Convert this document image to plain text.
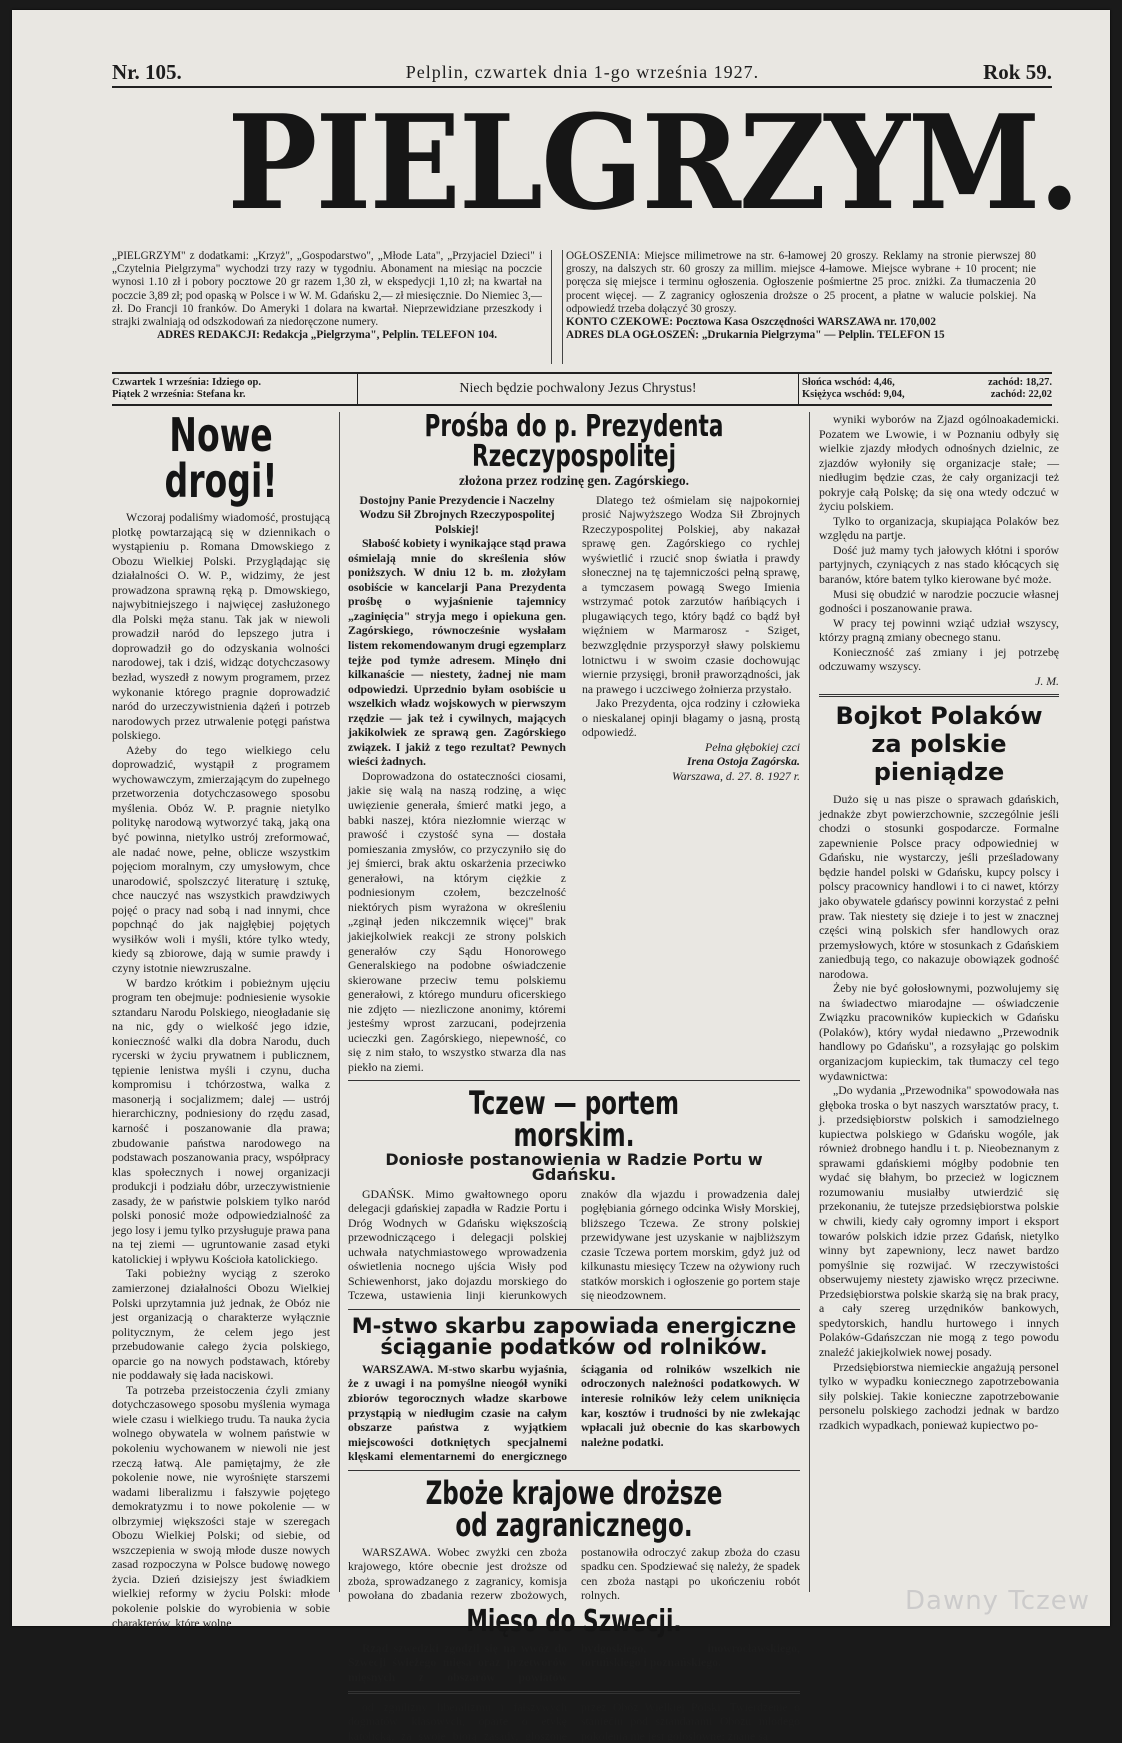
Nr. 105.	Pelplin, czwartek dnia 1-go września 1927.	Rok 59.
PIELGRZYM.
„PIELGRZYM" z dodatkami: „Krzyż", „Gospodarstwo", „Młode Lata", „Przyjaciel Dzieci" i „Czytelnia Pielgrzyma" wychodzi trzy razy w tygodniu. Abonament na miesiąc na poczcie wynosi 1.10 zł i pobory pocztowe 20 gr razem 1,30 zł, w ekspedycji 1,10 zł; na kwartał na poczcie 3,89 zł; pod opaską w Polsce i w W. M. Gdańsku 2,— zł miesięcznie. Do Niemiec 3,— zł. Do Francji 10 franków. Do Ameryki 1 dolara na kwartał. Nieprzewidziane przeszkody i strajki zwalniają od odszkodowań za niedoręczone numery.
ADRES REDAKCJI: Redakcja „Pielgrzyma", Pelplin. TELEFON 104.
OGŁOSZENIA: Miejsce milimetrowe na str. 6-łamowej 20 groszy. Reklamy na stronie pierwszej 80 groszy, na dalszych str. 60 groszy za millim. miejsce 4-łamowe. Miejsce wybrane + 10 procent; nie poręcza się miejsce i terminu ogłoszenia. Ogłoszenie pośmiertne 25 proc. zniżki. Za tłumaczenia 20 procent więcej. — Z zagranicy ogłoszenia droższe o 25 procent, a płatne w walucie polskiej. Na odpowiedź trzeba dołączyć 30 groszy.
KONTO CZEKOWE: Pocztowa Kasa Oszczędności WARSZAWA nr. 170,002
ADRES DLA OGŁOSZEŃ: „Drukarnia Pielgrzyma" — Pelplin. TELEFON 15
Czwartek 1 września: Idziego op.
Piątek 2 września: Stefana kr.	Niech będzie pochwalony Jezus Chrystus!	Słońca wschód: 4,46,	zachód: 18,27.
Księżyca wschód: 9,04,	zachód: 22,02
Nowe drogi!

Wczoraj podaliśmy wiadomość, prostującą plotkę powtarzającą się w dziennikach o wystąpieniu p. Romana Dmowskiego z Obozu Wielkiej Polski. Przyglądając się działalności O. W. P., widzimy, że jest prowadzona sprawną ręką p. Dmowskiego, najwybitniejszego i najwięcej zasłużonego dla Polski męża stanu. Tak jak w niewoli prowadził naród do lepszego jutra i doprowadził go do odzyskania wolności narodowej, tak i dziś, widząc dotychczasowy bezład, wyszedł z nowym programem, przez wykonanie którego pragnie doprowadzić naród do urzeczywistnienia dążeń i potrzeb narodowych przez utrwalenie potęgi państwa polskiego.

Ażeby do tego wielkiego celu doprowadzić, wystąpił z programem wychowawczym, zmierzającym do zupełnego przetworzenia dotychczasowego sposobu myślenia. Obóz W. P. pragnie nietylko politykę narodową wytworzyć taką, jaką ona być powinna, nietylko ustrój zreformować, ale nadać nowe, pełne, oblicze wszystkim pojęciom moralnym, czy umysłowym, chce unarodowić, spolszczyć literaturę i sztukę, chce nauczyć nas wszystkich prawdziwych pojęć o pracy nad sobą i nad innymi, chce popchnąć do jak najgłębiej pojętych wysiłków woli i myśli, które tylko wtedy, kiedy są zbiorowe, dają w sumie prawdy i czyny istotnie niewzruszalne.

W bardzo krótkim i pobieżnym ujęciu program ten obejmuje: podniesienie wysokie sztandaru Narodu Polskiego, nieogładanie się na nic, gdy o wielkość jego idzie, konieczność walki dla dobra Narodu, duch rycerski w życiu prywatnem i publicznem, tępienie lenistwa myśli i czynu, ducha kompromisu i tchórzostwa, walka z masonerją i socjalizmem; dalej — ustrój hierarchiczny, podniesiony do rzędu zasad, karność i poszanowanie dla prawa; zbudowanie państwa narodowego na podstawach poszanowania pracy, współpracy klas społecznych i nowej organizacji produkcji i podziału dóbr, urzeczywistnienie zasady, że w państwie polskiem tylko naród polski ponosić może odpowiedzialność za jego losy i jemu tylko przysługuje prawa pana na tej ziemi — ugruntowanie zasad etyki katolickiej i wpływu Kościoła katolickiego.

Taki pobieżny wyciąg z szeroko zamierzonej działalności Obozu Wielkiej Polski uprzytamnia już jednak, że Obóz nie jest organizacją o charakterze wyłącznie politycznym, że celem jego jest przebudowanie całego życia polskiego, oparcie go na nowych podstawach, któreby nie poddawały się łada naciskowi.

Ta potrzeba przeistoczenia ćzyli zmiany dotychczasowego sposobu myślenia wymaga wiele czasu i wielkiego trudu. Ta nauka życia wolnego obywatela w wolnem państwie w pokoleniu wychowanem w niewoli nie jest rzeczą łatwą. Ale pamiętajmy, że złe pokolenie nowe, nie wyrośnięte starszemi wadami liberalizmu i fałszywie pojętego demokratyzmu i to nowe pokolenie — w olbrzymiej większości staje w szeregach Obozu Wielkiej Polski; od siebie, od wszczepienia w swoją młode dusze nowych zasad rozpoczyna w Polsce budowę nowego życia. Dzień dzisiejszy jest świadkiem wielkiej reformy w życiu Polski: młode pokolenie polskie do wyrobienia w sobie charakterów, które wolne

Prośba do p. Prezydenta Rzeczypospolitej
złożona przez rodzinę gen. Zagórskiego.
Dostojny Panie Prezydencie i Naczelny Wodzu Sił Zbrojnych Rzeczypospolitej Polskiej!

Słabość kobiety i wynikające stąd prawa ośmielają mnie do skreślenia słów poniższych. W dniu 12 b. m. złożyłam osobiście w kancelarji Pana Prezydenta prośbę o wyjaśnienie tajemnicy „zaginięcia" stryja mego i opiekuna gen. Zagórskiego, równocześnie wysłałam listem rekomendowanym drugi egzemplarz tejże pod tymże adresem. Minęło dni kilkanaście — niestety, żadnej nie mam odpowiedzi. Uprzednio byłam osobiście u wszelkich władz wojskowych w pierwszym rzędzie — jak też i cywilnych, mających jakikolwiek ze sprawą gen. Zagórskiego związek. I jakiż z tego rezultat? Pewnych wieści żadnych.

Doprowadzona do ostateczności ciosami, jakie się walą na naszą rodzinę, a więc uwięzienie generała, śmierć matki jego, a babki naszej, która niezłomnie wierząc w prawość i czystość syna — dostała pomieszania zmysłów, co przyczyniło się do jej śmierci, brak aktu oskarżenia przeciwko generałowi, na którym ciężkie z podniesionym czołem, bezczelność niektórych pism wyrażona w określeniu „zginął jeden nikczemnik więcej" brak jakiejkolwiek reakcji ze strony polskich generałów czy Sądu Honorowego Generalskiego na podobne oświadczenie skierowane przeciw temu polskiemu generałowi, z którego munduru oficerskiego nie zdjęto — niezliczone anonimy, któremi jesteśmy wprost zarzucani, podejrzenia ucieczki gen. Zagórskiego, niepewność, co się z nim stało, to wszystko stwarza dla nas piekło na ziemi.

Dlatego też ośmielam się najpokorniej prosić Najwyższego Wodza Sił Zbrojnych Rzeczypospolitej Polskiej, aby nakazał sprawę gen. Zagórskiego co rychlej wyświetlić i rzucić snop światła i prawdy słonecznej na tę tajemniczości pełną sprawę, a tymczasem powagą Swego Imienia wstrzymać potok zarzutów hańbiących i plugawiących tego, który bądź co bądź był więźniem w Marmarosz - Sziget, bezwzględnie przysporzył sławy polskiemu lotnictwu i w swoim czasie dochowując wiernie przysięgi, bronił praworządności, jak na prawego i uczciwego żołnierza przystało.

Jako Prezydenta, ojca rodziny i człowieka o nieskalanej opinji błagamy o jasną, prostą odpowiedź.

Pełna głębokiej czci
Irena Ostoja Zagórska.
Warszawa, d. 27. 8. 1927 r.
Tczew — portem morskim.
Doniosłe postanowienia w Radzie Portu w Gdańsku.

GDAŃSK. Mimo gwałtownego oporu delegacji gdańskiej zapadła w Radzie Portu i Dróg Wodnych w Gdańsku większością przewodniczącego i delegacji polskiej uchwała natychmiastowego wprowadzenia oświetlenia nocnego ujścia Wisły pod Schiewenhorst, jako dojazdu morskiego do Tczewa, ustawienia linji kierunkowych znaków dla wjazdu i prowadzenia dalej pogłębiania górnego odcinka Wisły Morskiej, bliższego Tczewa. Ze strony polskiej przewidywane jest uzyskanie w najbliższym czasie Tczewa portem morskim, gdyż już od kilkunastu miesięcy Tczew na ożywiony ruch statków morskich i ogłoszenie go portem staje się nieodzownem.

M-stwo skarbu zapowiada energiczne ściąganie podatków od rolników.

WARSZAWA. M-stwo skarbu wyjaśnia, że z uwagi i na pomyślne nieogół wyniki zbiorów tegorocznych władze skarbowe przystąpią w niedługim czasie na całym obszarze państwa z wyjątkiem miejscowości dotkniętych specjalnemi klęskami elementarnemi do energicznego ściągania od rolników wszelkich nie odroczonych należności podatkowych. W interesie rolników leży celem uniknięcia kar, kosztów i trudności by nie zwlekając wpłacali już obecnie do kas skarbowych należne podatki.

Zboże krajowe droższe od zagranicznego.

WARSZAWA. Wobec zwyżki cen zboża krajowego, które obecnie jest droższe od zboża, sprowadzanego z zagranicy, komisja powołana do zbadania rezerw zbożowych, postanowiła odroczyć zakup zboża do czasu spadku cen. Spodziewać się należy, że spadek cen zboża nastąpi po ukończeniu robót rolnych.

Mięso do Szwecji.

Rząd szwedzki zgodził się na wwóz do Szwecji świeżego mięsa oraz przetworów mięsnych z obszarów powiatów bydgoskiego, inowrocławskiego, toruńskiego i poznańskiego.

od zgniłizny liberalizmu i fałszywych dogmatów klasowych, oparte o etykę katolicką, za swoje biorą zasady, głoszone przez Obóz Wielkiej Polski. Twierdzenie o staniećiu pod sztandarami Obozu młodego pokolenia nie jest gołosłowne; znane są

wyniki wyborów na Zjazd ogólnoakademicki. Pozatem we Lwowie, i w Poznaniu odbyły się wielkie zjazdy młodych odnośnych dzielnic, ze zjazdów wyłoniły się organizacje stałe; — niedługim będzie czas, że cały organizacji też pokryje całą Polskę; da się ona wtedy odczuć w życiu polskiem.

Tylko to organizacja, skupiająca Polaków bez względu na partje.

Dość już mamy tych jałowych kłótni i sporów partyjnych, czyniących z nas stado kłócących się baranów, które batem tylko kierowane być może.

Musi się obudzić w narodzie poczucie własnej godności i poszanowanie prawa.

W pracy tej powinni wziąć udział wszyscy, którzy pragną zmiany obecnego stanu.

Konieczność zaś zmiany i jej potrzebę odczuwamy wszyscy.

J. M.
Bojkot Polaków za polskie pieniądze

Dużo się u nas pisze o sprawach gdańskich, jednakże zbyt powierzchownie, szczególnie jeśli chodzi o stosunki gospodarcze. Formalne zapewnienie Polsce pracy odpowiedniej w Gdańsku, nie wystarczy, jeśli prześladowany będzie handel polski w Gdańsku, kupcy polscy i polscy pracownicy handlowi i to ci nawet, którzy jako obywatele gdańscy powinni korzystać z pełni praw. Tak niestety się dzieje i to jest w znacznej części winą polskich sfer handlowych oraz przemysłowych, które w stosunkach z Gdańskiem zaniedbują tego, co nakazuje obowiązek godność narodowa.

Żeby nie być gołosłownymi, pozwolujemy się na świadectwo miarodajne — oświadczenie Związku pracowników kupieckich w Gdańsku (Polaków), który wydał niedawno „Przewodnik handlowy po Gdańsku", a rozsyłając go polskim organizacjom kupieckim, tak tłumaczy cel tego wydawnictwa:

„Do wydania „Przewodnika" spowodowała nas głęboka troska o byt naszych warsztatów pracy, t. j. przedsiębiorstw polskich i samodzielnego kupiectwa polskiego w Gdańsku wogóle, jak również drobnego handlu i t. p. Nieobeznanym z sprawami gdańskiemi mógłby podobnie ten wydać się błahym, bo przecież w logicznem rozumowaniu musiałby utwierdzić się przekonaniu, że tutejsze przedsiębiorstwa polskie w chwili, kiedy cały ogromny import i eksport towarów polskich idzie przez Gdańsk, nietylko winny byt zapewniony, lecz nawet bardzo pomyślnie się rozwijać. W rzeczywistości obserwujemy niestety zjawisko wręcz przeciwne. Przedsiębiorstwa polskie skarżą się na brak pracy, a cały szereg urzędników bankowych, spedytorskich, handlu hurtowego i innych Polaków-Gdańszczan nie mogą z tego powodu znaleźć jakiejkolwiek nowej posady.

Przedsiębiorstwa niemieckie angażują personel tylko w wypadku koniecznego zapotrzebowania siły polskiej. Takie konieczne zapotrzebowanie personelu polskiego zachodzi jednak w bardzo rzadkich wypadkach, ponieważ kupiectwo po-

Dawny Tczew
